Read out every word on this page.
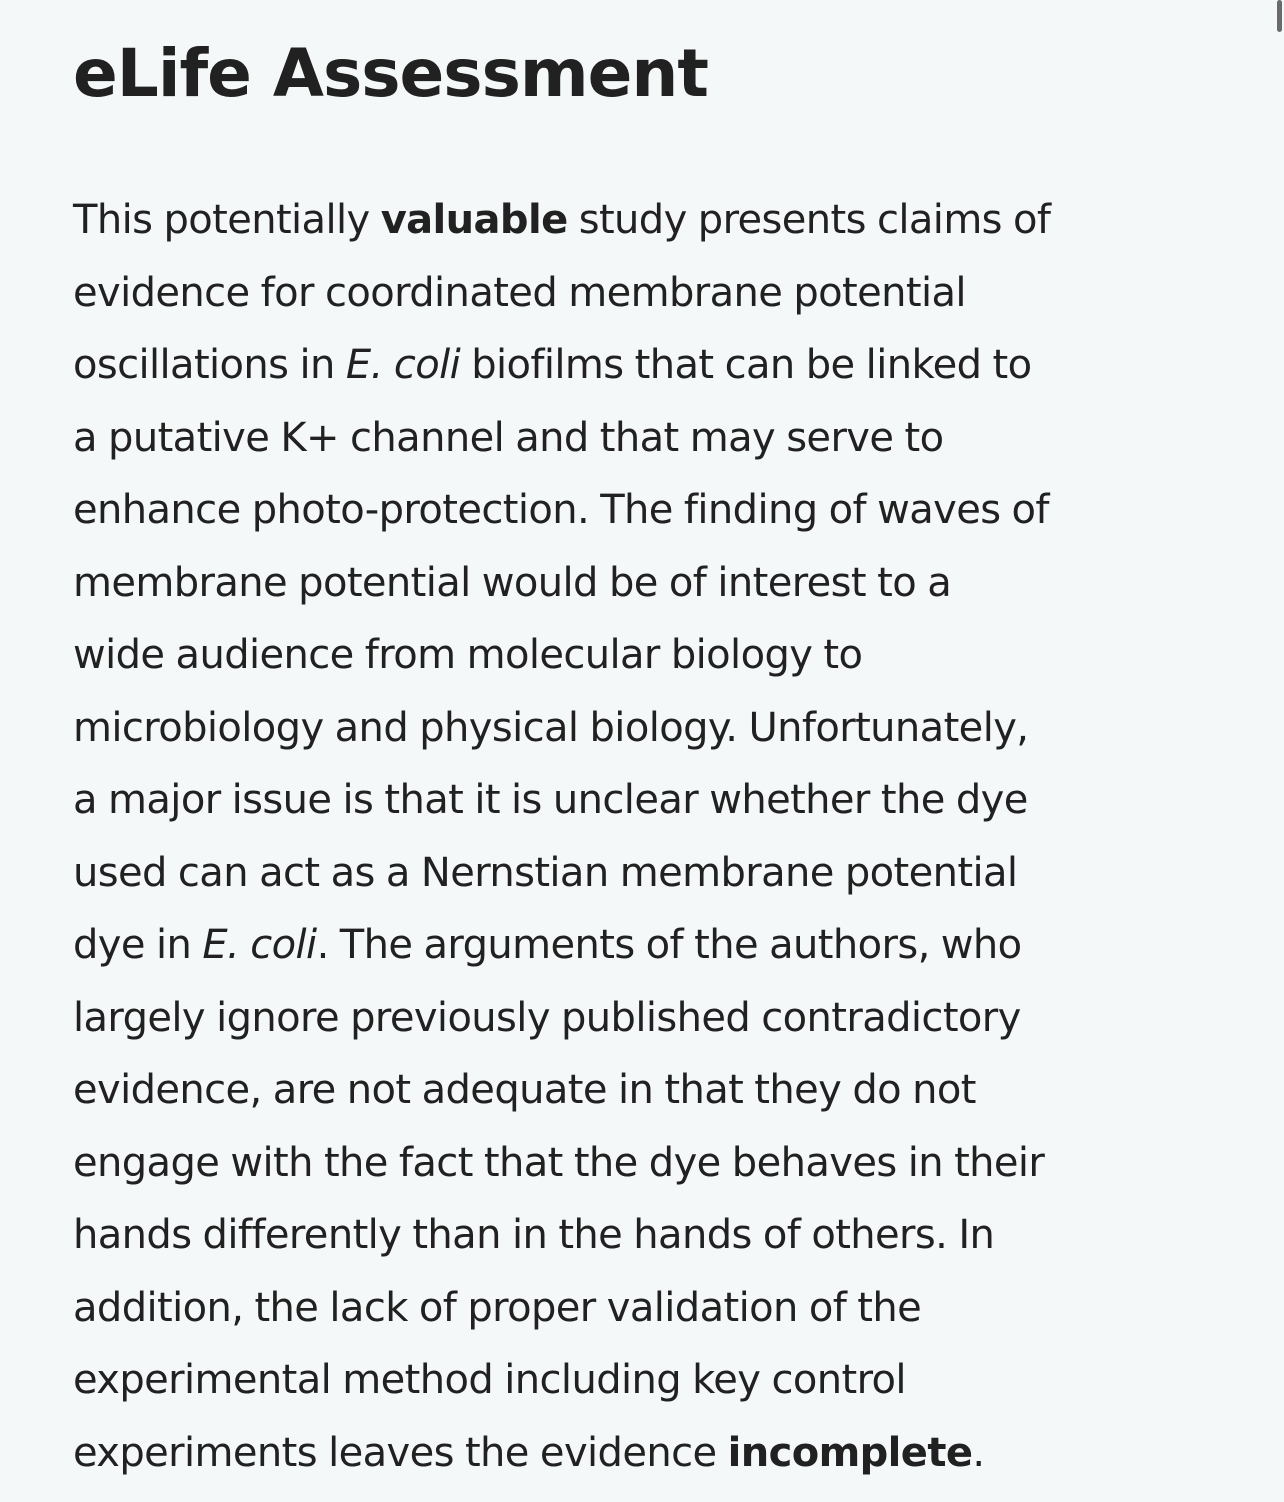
eLife Assessment
This potentially valuable study presents claims of
evidence for coordinated membrane potential
oscillations in E. coli biofilms that can be linked to
a putative K+ channel and that may serve to
enhance photo-protection. The finding of waves of
membrane potential would be of interest to a
wide audience from molecular biology to
microbiology and physical biology. Unfortunately,
a major issue is that it is unclear whether the dye
used can act as a Nernstian membrane potential
dye in E. coli. The arguments of the authors, who
largely ignore previously published contradictory
evidence, are not adequate in that they do not
engage with the fact that the dye behaves in their
hands differently than in the hands of others. In
addition, the lack of proper validation of the
experimental method including key control
experiments leaves the evidence incomplete.
